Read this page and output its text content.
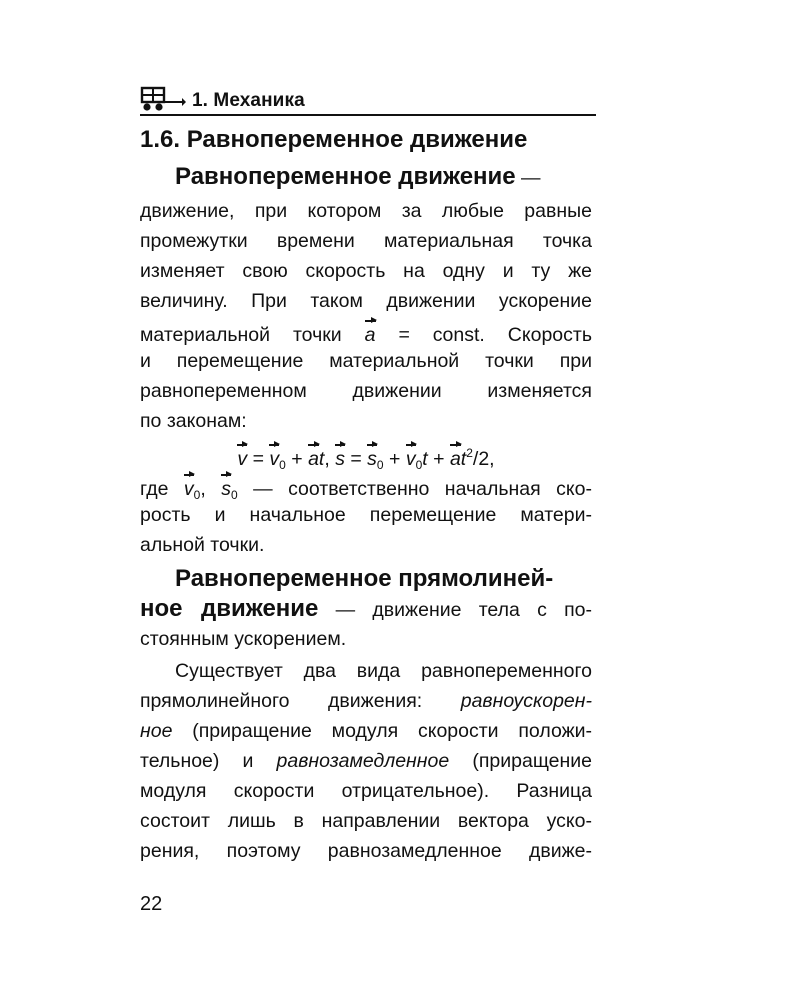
1. Механика
1.6. Равнопеременное движение
Равнопеременное движение —
движение, при котором за любые равные
промежутки времени материальная точка
изменяет свою скорость на одну и ту же
величину. При таком движении ускорение
материальной точки a = const. Скорость
и перемещение материальной точки при
равнопеременном движении изменяется
по законам:
$v = v_0$ + at, $s = s_0 + v_0t + at^2/2$,
где $v_0$, $s_0$ — соответственно начальная ско-
рость и начальное перемещение матери-
альной точки.
Равнопеременное прямолиней-
ное движение — движение тела с по-
стоянным ускорением.
Существует два вида равнопеременного
прямолинейного движения: равноускорен-
ное (приращение модуля скорости положи-
тельное) и равнозамедленное (приращение
модуля скорости отрицательное). Разница
состоит лишь в направлении вектора уско-
рения, поэтому равнозамедленное движе-
22
